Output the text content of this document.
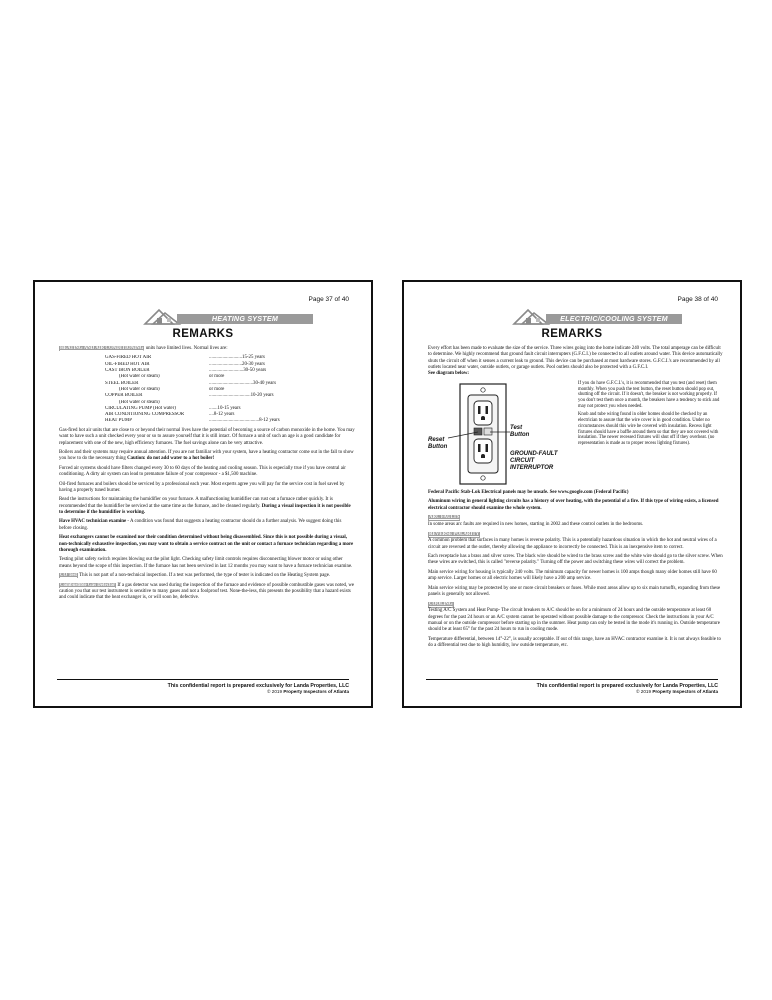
Page 37 of 40
HEATING SYSTEM
REMARKS

HEATING AND AIR CONDITIONING units have limited lives. Normal lives are:

GAS-FIRED HOT AIR	...........................15-25 years
OIL-FIRED HOT AIR	...........................20-30 years
CAST IRON BOILER	............................30-50 years
(Hot water or steam)	or more
STEEL BOILER	....................................30-40 years
(Hot water or steam)	or more
COPPER BOILER	..................................10-20 years
(Hot water or steam)
CIRCULATING PUMP (Hot water)	.......10-15 years
AIR CONDITIONING COMPRESSOR	....8-12 years
HEAT PUMP	.........................................8-12 years

Gas-fired hot air units that are close to or beyond their normal lives have the potential of becoming a source of carbon monoxide in the home. You may want to have such a unit checked every year or so to assure yourself that it is still intact. Of furnace a unit of such an age is a good candidate for replacement with one of the new, high efficiency furnaces. The fuel savings alone can be very attractive.

Boilers and their systems may require annual attention. If you are not familiar with your system, have a heating contractor come out in the fall to show you how to do the necessary thing Caution: do not add water to a hot boiler!

Forced air systems should have filters changed every 30 to 60 days of the heating and cooling season. This is especially true if you have central air conditioning. A dirty air system can lead to premature failure of your compressor - a $1,500 machine.

Oil-fired furnaces and boilers should be serviced by a professional each year. Most experts agree you will pay for the service cost in fuel saved by having a properly tuned burner.

Read the instructions for maintaining the humidifier on your furnace. A malfunctioning humidifier can rust out a furnace rather quickly. It is recommended that the humidifier be serviced at the same time as the furnace, and be cleaned regularly. During a visual inspection it is not possible to determine if the humidifier is working.

Have HVAC technician examine - A condition was found that suggests a heating contractor should do a further analysis. We suggest doing this before closing.

Heat exchangers cannot be examined nor their condition determined without being disassembled. Since this is not possible during a visual, non-technically exhaustive inspection, you may want to obtain a service contract on the unit or contact a furnace technician regarding a more thorough examination.

Testing pilot safety switch requires blowing out the pilot light. Checking safety limit controls requires disconnecting blower motor or using other means beyond the scope of this inspection. If the furnace has not been serviced in last 12 months you may want to have a furnace technician examine.

CO Test This is not part of a non-technical inspection. If a test was performed, the type of tester is indicated on the Heating System page.

Combustible Gas Detector If a gas detector was used during the inspection of the furnace and evidence of possible combustible gases was noted, we caution you that our test instrument is sensitive to many gases and not a foolproof test. None-the-less, this presents the possibility that a hazard exists and could indicate that the heat exchanger is, or will soon be, defective.

This confidential report is prepared exclusively for Landa Properties, LLC
© 2019 Property Inspectors of Atlanta
Page 38 of 40
ELECTRIC/COOLING SYSTEM
REMARKS

Every effort has been made to evaluate the size of the service. Three wires going into the home indicate 240 volts. The total amperage can be difficult to determine. We highly recommend that ground fault circuit interrupters (G.F.C.I.) be connected to all outlets around water. This device automatically shuts the circuit off when it senses a current leak to ground. This device can be purchased at most hardware stores. G.F.C.I.'s are recommended by all outlets located near water, outside outlets, or garage outlets. Pool outlets should also be protected with a G.F.C.I.

See diagram below:

Reset Button
Test Button
GROUND-FAULT CIRCUIT INTERRUPTOR

If you do have G.F.C.I.'s, it is recommended that you test (and reset) them monthly. When you push the test button, the reset button should pop out, shutting off the circuit. If it doesn't, the breaker is not working properly. If you don't test them once a month, the breakers have a tendency to stick and may not protect you when needed.

Knob and tube wiring found in older homes should be checked by an electrician to assure that the wire cover is in good condition. Under no circumstances should this wire be covered with insulation. Recess light fixtures should have a baffle around them so that they are not covered with insulation. The newer recessed fixtures will shut off if they overheat. (no representation is made as to proper recess lighting fixtures).

Federal Pacific Stab-Lok Electrical panels may be unsafe. See www.google.com (Federal Pacific)

Aluminum wiring in general lighting circuits has a history of over heating, with the potential of a fire. If this type of wiring exists, a licensed electrical contractor should examine the whole system.

ARC FAULTS

In some areas arc faults are required in new homes, starting in 2002 and these control outlets in the bedrooms.

REVERSE POLARITY

A common problem that surfaces in many homes is reverse polarity. This is a potentially hazardous situation in which the hot and neutral wires of a circuit are reversed at the outlet, thereby allowing the appliance to incorrectly be connected. This is an inexpensive item to correct.

Each receptacle has a brass and silver screw. The black wire should be wired to the brass screw and the white wire should go to the silver screw. When these wires are switched, this is called "reverse polarity." Turning off the power and switching these wires will correct the problem.

Main service wiring for housing is typically 240 volts. The minimum capacity for newer homes is 100 amps though many older homes still have 60 amp service. Larger homes or all electric homes will likely have a 200 amp service.

Main service wiring may be protected by one or more circuit breakers or fuses. While most areas allow up to six main turnoffs, expanding from these panels is generally not allowed.

COOLING

Testing A/C System and Heat Pump- The circuit breakers to A/C should be on for a minimum of 24 hours and the outside temperature at least 60 degrees for the past 24 hours or an A/C system cannot be operated without possible damage to the compressor. Check the instructions in your A/C manual or on the outside compressor before starting up in the summer. Heat pump can only be tested in the mode it's running in. Outside temperature should be at least 65° for the past 24 hours to run in cooling mode.

Temperature differential, between 14°-22°, is usually acceptable. If out of this range, have an HVAC contractor examine it. It is not always feasible to do a differential test due to high humidity, low outside temperature, etc.

This confidential report is prepared exclusively for Landa Properties, LLC
© 2019 Property Inspectors of Atlanta
